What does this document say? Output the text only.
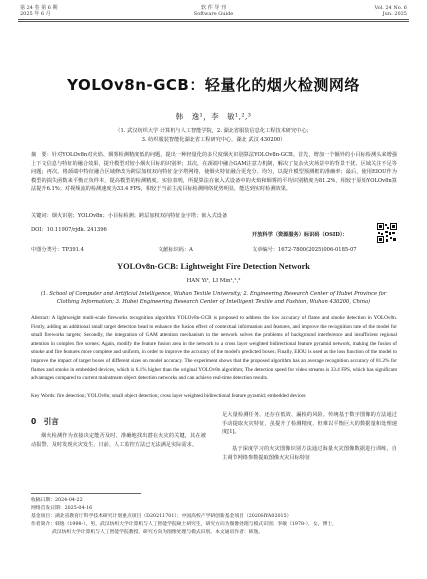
第 24 卷 第 6 期
2025 年 6 月
软 件 导 刊
Software Guide
Vol. 24 No. 6
Jun. 2025
YOLOv8n-GCB：轻量化的烟火检测网络
韩　逸¹，李　敏¹,²,³
（1. 武汉纺织大学 计算机与人工智能学院，2. 湖北省服装信息化工程技术研究中心；
3. 纺织服装智能化湖北省工程研究中心，湖北 武汉 430200）
摘　要：针对YOLOv8n对火焰、烟雾检测精度低的问题，提出一种轻量化的多尺度烟火识别算法YOLOv8n-GCB。首先，增加一个额外的小目标检测头来增强上下文信息与特征的融合效果，提升模型对较小烟火目标的识别率；其次，在颈端中融合GAM注意力机制，解决了复杂火灾场景中的背景干扰、区域关注不足等问题；再次，将颈端中特征融合区域修改为跨层加权双向特征金字塔网络，使烟火特征融合更充分、均匀，以提升模型预测框的准确率；最后，使用EIOU作为模型的损失函数来平衡正负样本，提高模型的检测精度。实验表明，所提算法在嵌入式设备中的火焰和烟雾的平均识别精度为81.2%，相较于原始YOLOv8n算法提升6.1%；对视频流的检测速度为33.4 FPS，相较于当前主流目标检测网络优势明显，能达到实时检测效果。
关键词：烟火识别；YOLOv8n；小目标检测；跨层加权双向特征金字塔；嵌入式设备
DOI：10.11907/rjdk. 241396
开放科学（资源服务）标识码（OSID）：
中图分类号：TP391.4	文献标识码：A	文章编号：1672-7800(2025)006-0185-07
YOLOv8n-GCB: Lightweight Fire Detection Network
HAN Yi¹, LI Min¹,²,³
(1. School of Computer and Artificial Intelligence, Wuhan Textile University; 2. Engineering Research Center of Hubei Province for
Clothing Information; 3. Hubei Engineering Research Center of Intelligent Textile and Fashion, Wuhan 430200, China)
Abstract: A lightweight multi-scale fireworks recognition algorithm YOLOv8n-GCB is proposed to address the low accuracy of flame and smoke detection in YOLOv8n. Firstly, adding an additional small target detection head to enhance the fusion effect of contextual information and features, and improve the recognition rate of the model for small fireworks targets; Secondly, the integration of GAM attention mechanism in the network solves the problems of background interference and insufficient regional attention in complex fire scenes; Again, modify the feature fusion area in the network to a cross layer weighted bidirectional feature pyramid network, making the fusion of smoke and fire features more complete and uniform, in order to improve the accuracy of the model's predicted boxes; Finally, EIOU is used as the loss function of the model to improve the impact of target boxes of different sizes on model accuracy. The experiment shows that the proposed algorithm has an average recognition accuracy of 81.2% for flames and smoke in embedded devices, which is 6.1% higher than the original YOLOv8n algorithm; The detection speed for video streams is 33.4 FPS, which has significant advantages compared to current mainstream object detection networks and can achieve real-time detection results.
Key Words: fire detection; YOLOv8n; small object detection; cross layer weighted bidirectional feature pyramid; embedded devices
0　引言
烟火检测作为直接决定能否及时、准确地找出潜在火灾的关键，其在被动报警、及时发现火灾发生、日前、人工监控方法已无法满足实际需求。
足大量检测任务，还存在低效、漏检的风险。传统基于数字图像的方法通过手动提取火灾特征，虽提升了检测精度，但难以平衡巨大的数据量和处理速度[1]。
基于深度学习的火灾图像识别方法通过海量火灾图像数据进行训练，自主调节网络参数提取图像火灾目标特征
收稿日期：2024-04-22
网络首发日期：2025-04-16
基金项目：湖北省教育厅科学技术研究计划重点项目（D20211701）；中国高校产学研创新基金项目（2020HYA02015）
作者简介：韩逸（1998-），男，武汉纺织大学计算机与人工智能学院硕士研究生，研究方向为图像处理与模式识别；李敏（1978-），女，博士，
武汉纺织大学计算机与人工智能学院教授、研究方向为图像处理与模式识别。本文通讯作者：韩逸。
